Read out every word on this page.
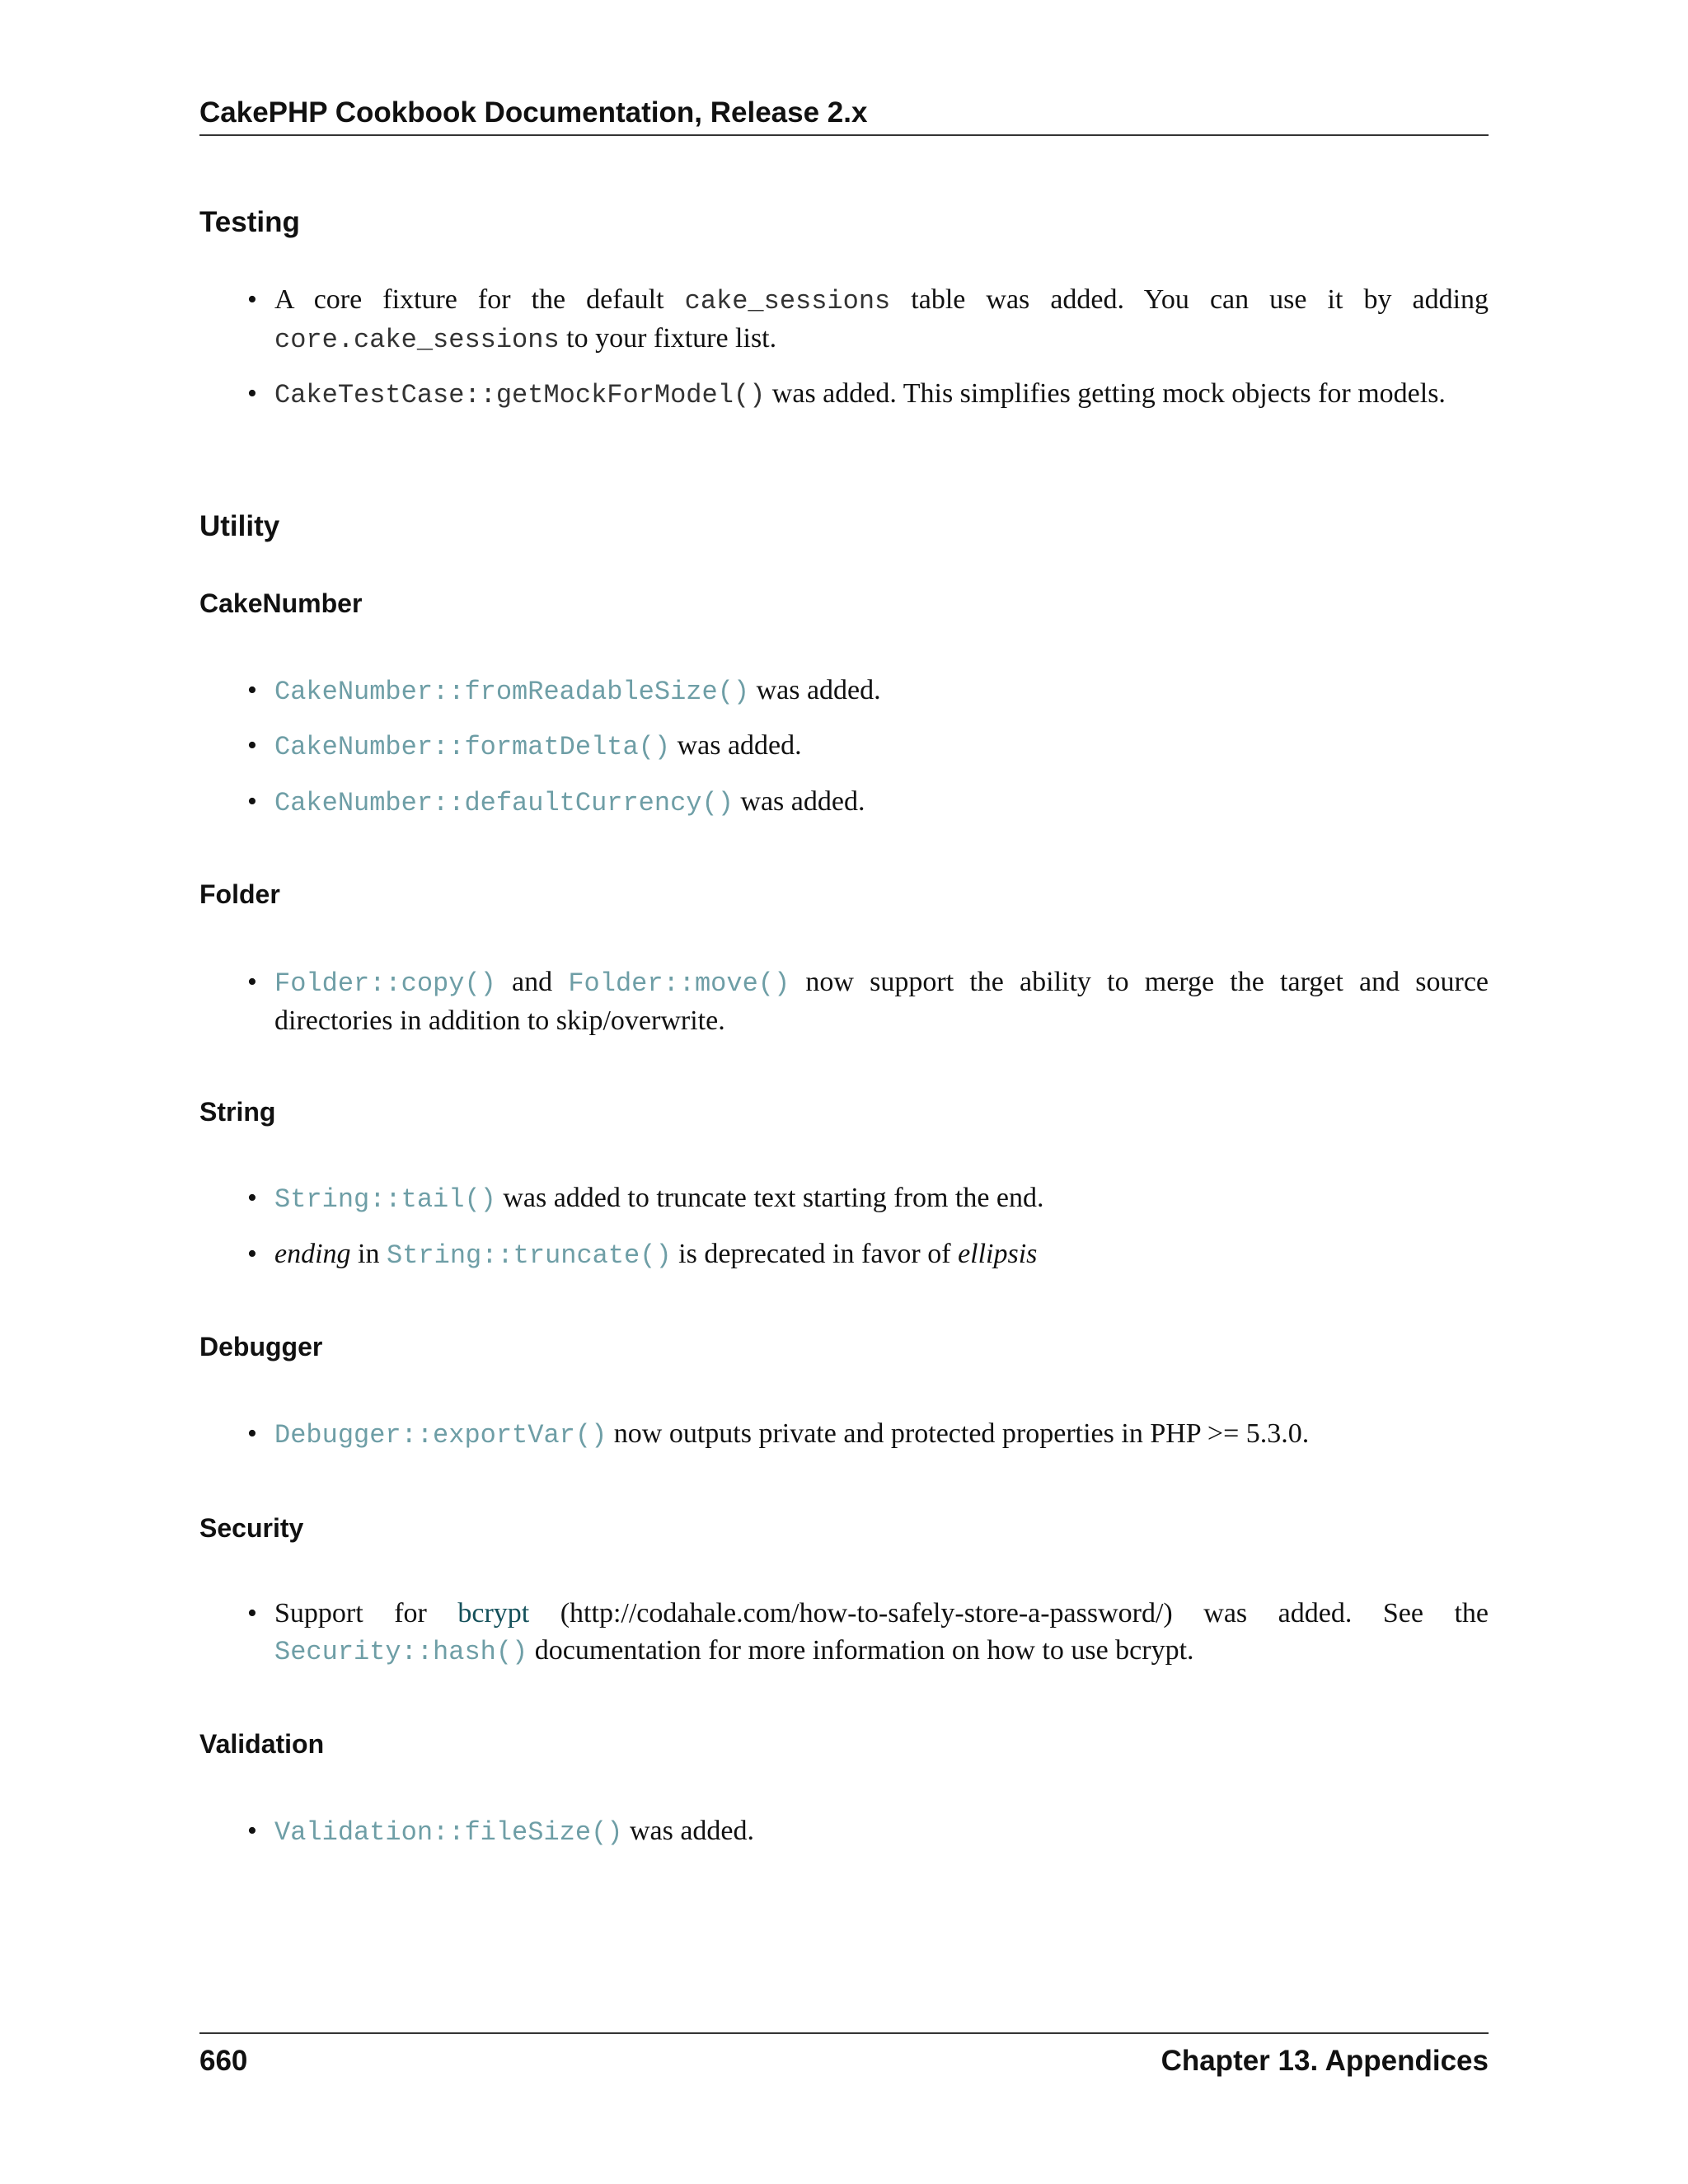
CakePHP Cookbook Documentation, Release 2.x
Testing
• A core fixture for the default cake_sessions table was added. You can use it by adding core.cake_sessions to your fixture list.
• CakeTestCase::getMockForModel() was added. This simplifies getting mock objects for models.
Utility
CakeNumber
• CakeNumber::fromReadableSize() was added.
• CakeNumber::formatDelta() was added.
• CakeNumber::defaultCurrency() was added.
Folder
• Folder::copy() and Folder::move() now support the ability to merge the target and source directories in addition to skip/overwrite.
String
• String::tail() was added to truncate text starting from the end.
• ending in String::truncate() is deprecated in favor of ellipsis
Debugger
• Debugger::exportVar() now outputs private and protected properties in PHP >= 5.3.0.
Security
• Support for bcrypt (http://codahale.com/how-to-safely-store-a-password/) was added. See the Security::hash() documentation for more information on how to use bcrypt.
Validation
• Validation::fileSize() was added.
660	Chapter 13. Appendices
